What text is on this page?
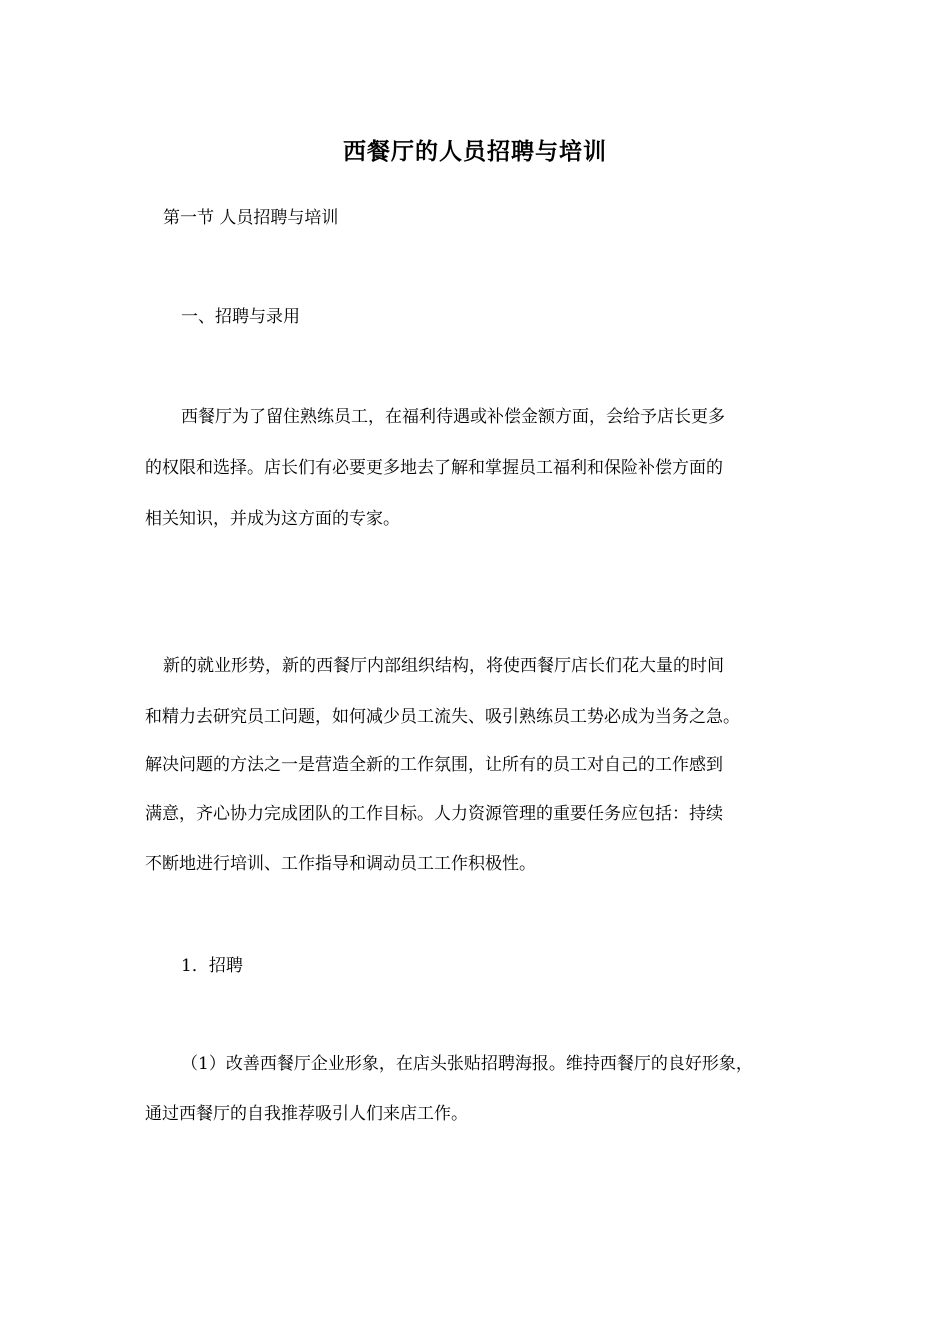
西餐厅的人员招聘与培训
第一节 人员招聘与培训
一、招聘与录用
西餐厅为了留住熟练员工，在福利待遇或补偿金额方面，会给予店长更多
的权限和选择。店长们有必要更多地去了解和掌握员工福利和保险补偿方面的
相关知识，并成为这方面的专家。
新的就业形势，新的西餐厅内部组织结构，将使西餐厅店长们花大量的时间
和精力去研究员工问题，如何减少员工流失、吸引熟练员工势必成为当务之急。
解决问题的方法之一是营造全新的工作氛围，让所有的员工对自己的工作感到
满意，齐心协力完成团队的工作目标。人力资源管理的重要任务应包括：持续
不断地进行培训、工作指导和调动员工工作积极性。
1．招聘
（1）改善西餐厅企业形象，在店头张贴招聘海报。维持西餐厅的良好形象，
通过西餐厅的自我推荐吸引人们来店工作。
